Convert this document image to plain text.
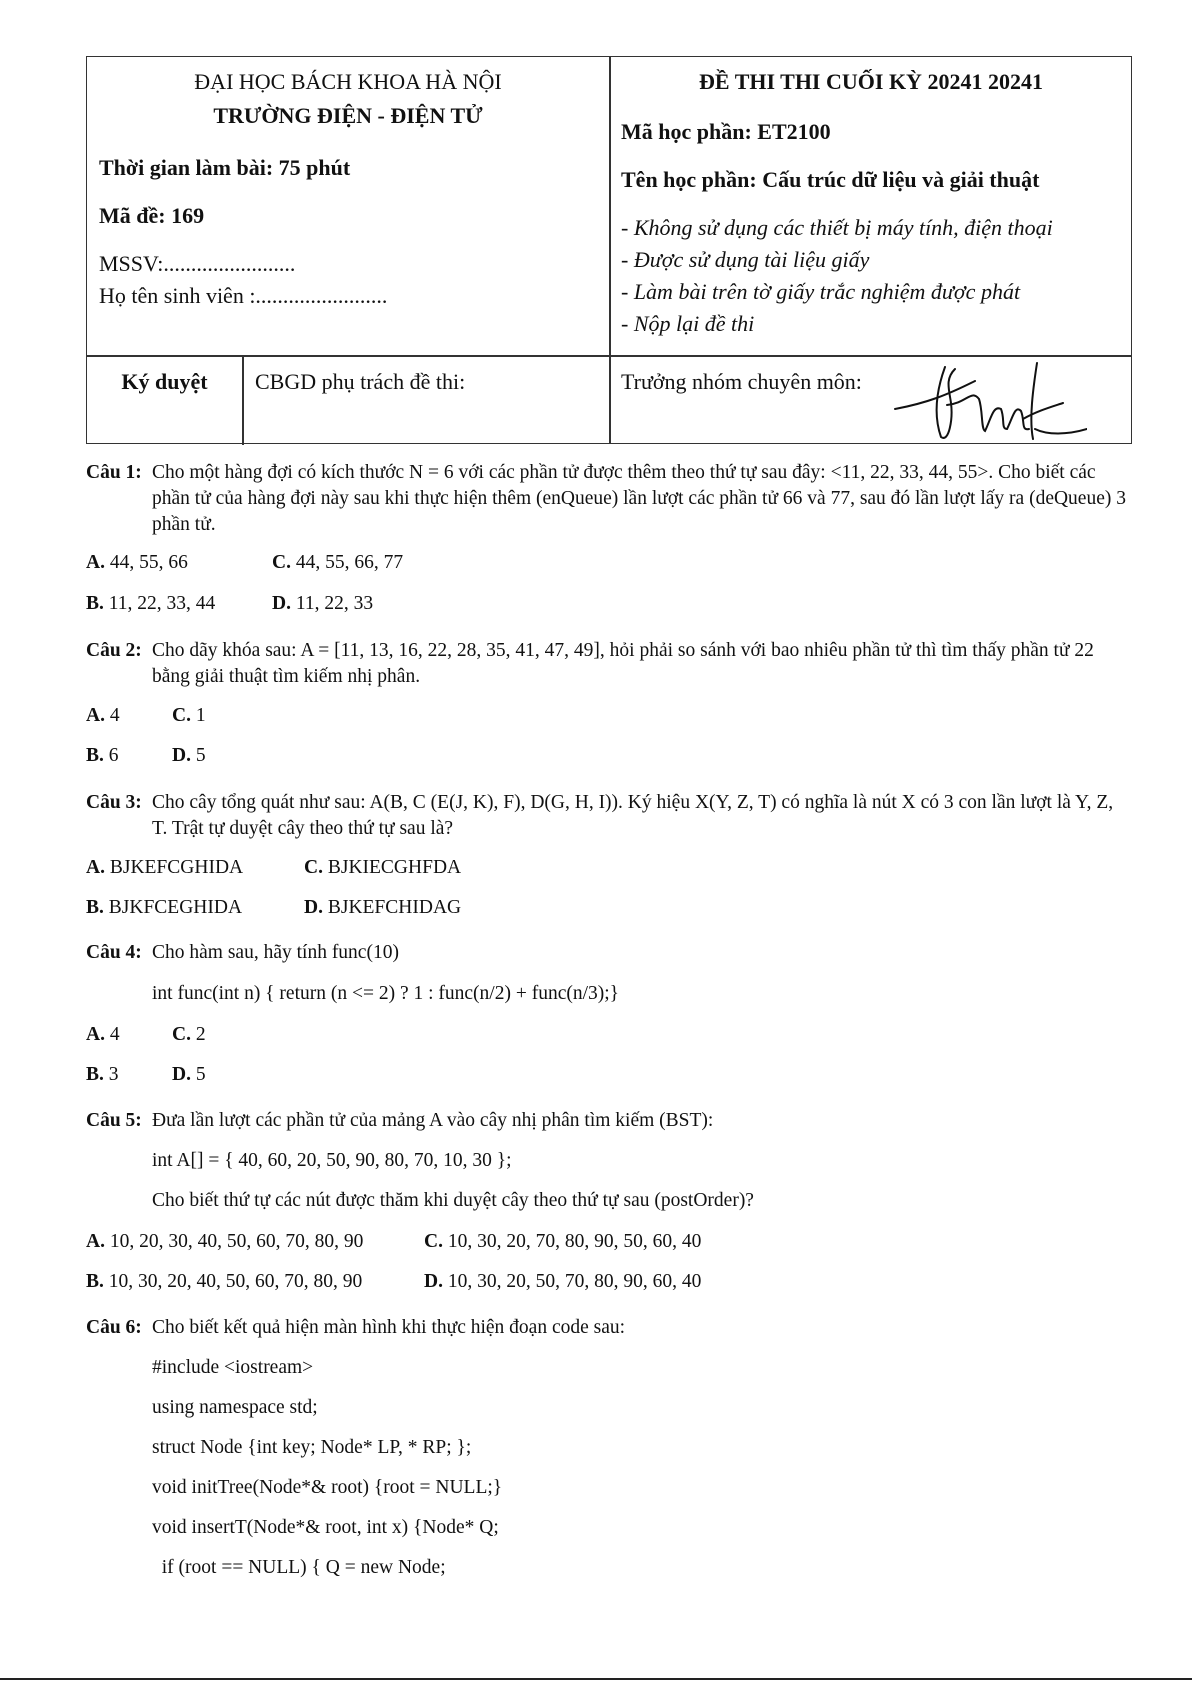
ĐẠI HỌC BÁCH KHOA HÀ NỘI
TRƯỜNG ĐIỆN - ĐIỆN TỬ
Thời gian làm bài: 75 phút
Mã đề: 169
MSSV:........................
Họ tên sinh viên :........................
ĐỀ THI THI CUỐI KỲ 20241 20241
Mã học phần: ET2100
Tên học phần: Cấu trúc dữ liệu và giải thuật
- Không sử dụng các thiết bị máy tính, điện thoại
- Được sử dụng tài liệu giấy
- Làm bài trên tờ giấy trắc nghiệm được phát
- Nộp lại đề thi
Ký duyệt	CBGD phụ trách đề thi:	Trưởng nhóm chuyên môn:
Câu 1: Cho một hàng đợi có kích thước N = 6 với các phần tử được thêm theo thứ tự sau đây: <11, 22, 33, 44, 55>. Cho biết các phần tử của hàng đợi này sau khi thực hiện thêm (enQueue) lần lượt các phần tử 66 và 77, sau đó lần lượt lấy ra (deQueue) 3 phần tử.
A. 44, 55, 66	C. 44, 55, 66, 77
B. 11, 22, 33, 44	D. 11, 22, 33
Câu 2: Cho dãy khóa sau: A = [11, 13, 16, 22, 28, 35, 41, 47, 49], hỏi phải so sánh với bao nhiêu phần tử thì tìm thấy phần tử 22 bằng giải thuật tìm kiếm nhị phân.
A. 4	C. 1
B. 6	D. 5
Câu 3: Cho cây tổng quát như sau: A(B, C (E(J, K), F), D(G, H, I)). Ký hiệu X(Y, Z, T) có nghĩa là nút X có 3 con lần lượt là Y, Z, T. Trật tự duyệt cây theo thứ tự sau là?
A. BJKEFCGHIDA	C. BJKIECGHFDA
B. BJKFCEGHIDA	D. BJKEFCHIDAG
Câu 4: Cho hàm sau, hãy tính func(10)
int func(int n) { return (n <= 2) ? 1 : func(n/2) + func(n/3);}
A. 4	C. 2
B. 3	D. 5
Câu 5: Đưa lần lượt các phần tử của mảng A vào cây nhị phân tìm kiếm (BST):
int A[] = { 40, 60, 20, 50, 90, 80, 70, 10, 30 };
Cho biết thứ tự các nút được thăm khi duyệt cây theo thứ tự sau (postOrder)?
A. 10, 20, 30, 40, 50, 60, 70, 80, 90	C. 10, 30, 20, 70, 80, 90, 50, 60, 40
B. 10, 30, 20, 40, 50, 60, 70, 80, 90	D. 10, 30, 20, 50, 70, 80, 90, 60, 40
Câu 6: Cho biết kết quả hiện màn hình khi thực hiện đoạn code sau:
#include <iostream>
using namespace std;
struct Node {int key; Node* LP, * RP; };
void initTree(Node*& root) {root = NULL;}
void insertT(Node*& root, int x) {Node* Q;
if (root == NULL) { Q = new Node;
